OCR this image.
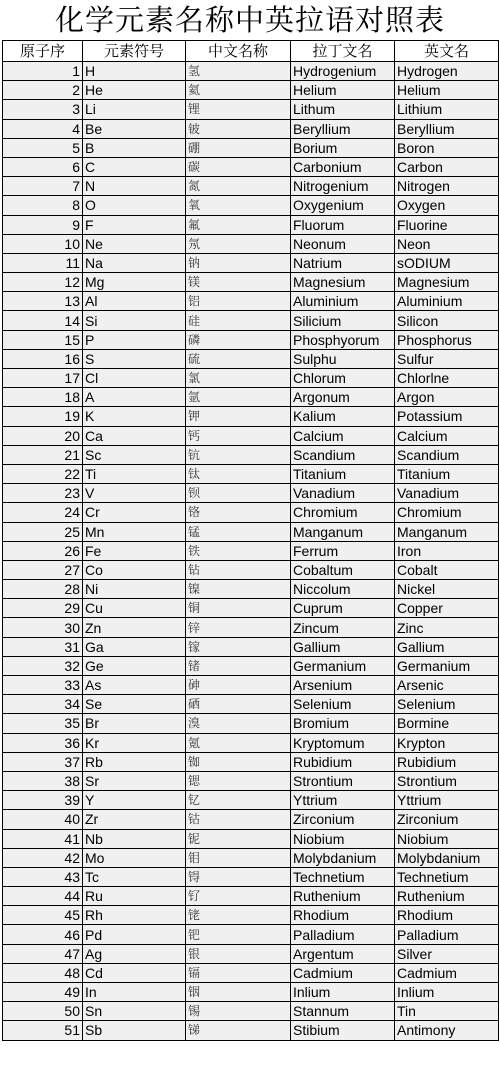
化学元素名称中英拉语对照表
原子序	元素符号	中文名称	拉丁文名	英文名
1	H	氢	Hydrogenium	Hydrogen
2	He	氦	Helium	Helium
3	Li	锂	Lithum	Lithium
4	Be	铍	Beryllium	Beryllium
5	B	硼	Borium	Boron
6	C	碳	Carbonium	Carbon
7	N	氮	Nitrogenium	Nitrogen
8	O	氧	Oxygenium	Oxygen
9	F	氟	Fluorum	Fluorine
10	Ne	氖	Neonum	Neon
11	Na	钠	Natrium	sODIUM
12	Mg	镁	Magnesium	Magnesium
13	Al	铝	Aluminium	Aluminium
14	Si	硅	Silicium	Silicon
15	P	磷	Phosphyorum	Phosphorus
16	S	硫	Sulphu	Sulfur
17	Cl	氯	Chlorum	Chlorlne
18	A	氩	Argonum	Argon
19	K	钾	Kalium	Potassium
20	Ca	钙	Calcium	Calcium
21	Sc	钪	Scandium	Scandium
22	Ti	钛	Titanium	Titanium
23	V	钡	Vanadium	Vanadium
24	Cr	铬	Chromium	Chromium
25	Mn	锰	Manganum	Manganum
26	Fe	铁	Ferrum	Iron
27	Co	钻	Cobaltum	Cobalt
28	Ni	镍	Niccolum	Nickel
29	Cu	铜	Cuprum	Copper
30	Zn	锌	Zincum	Zinc
31	Ga	镓	Gallium	Gallium
32	Ge	锗	Germanium	Germanium
33	As	砷	Arsenium	Arsenic
34	Se	硒	Selenium	Selenium
35	Br	溴	Bromium	Bormine
36	Kr	氪	Kryptomum	Krypton
37	Rb	铷	Rubidium	Rubidium
38	Sr	锶	Strontium	Strontium
39	Y	钇	Yttrium	Yttrium
40	Zr	钴	Zirconium	Zirconium
41	Nb	铌	Niobium	Niobium
42	Mo	钼	Molybdanium	Molybdanium
43	Tc	锝	Technetium	Technetium
44	Ru	钌	Ruthenium	Ruthenium
45	Rh	铑	Rhodium	Rhodium
46	Pd	钯	Palladium	Palladium
47	Ag	银	Argentum	Silver
48	Cd	镉	Cadmium	Cadmium
49	In	铟	Inlium	Inlium
50	Sn	锡	Stannum	Tin
51	Sb	锑	Stibium	Antimony
